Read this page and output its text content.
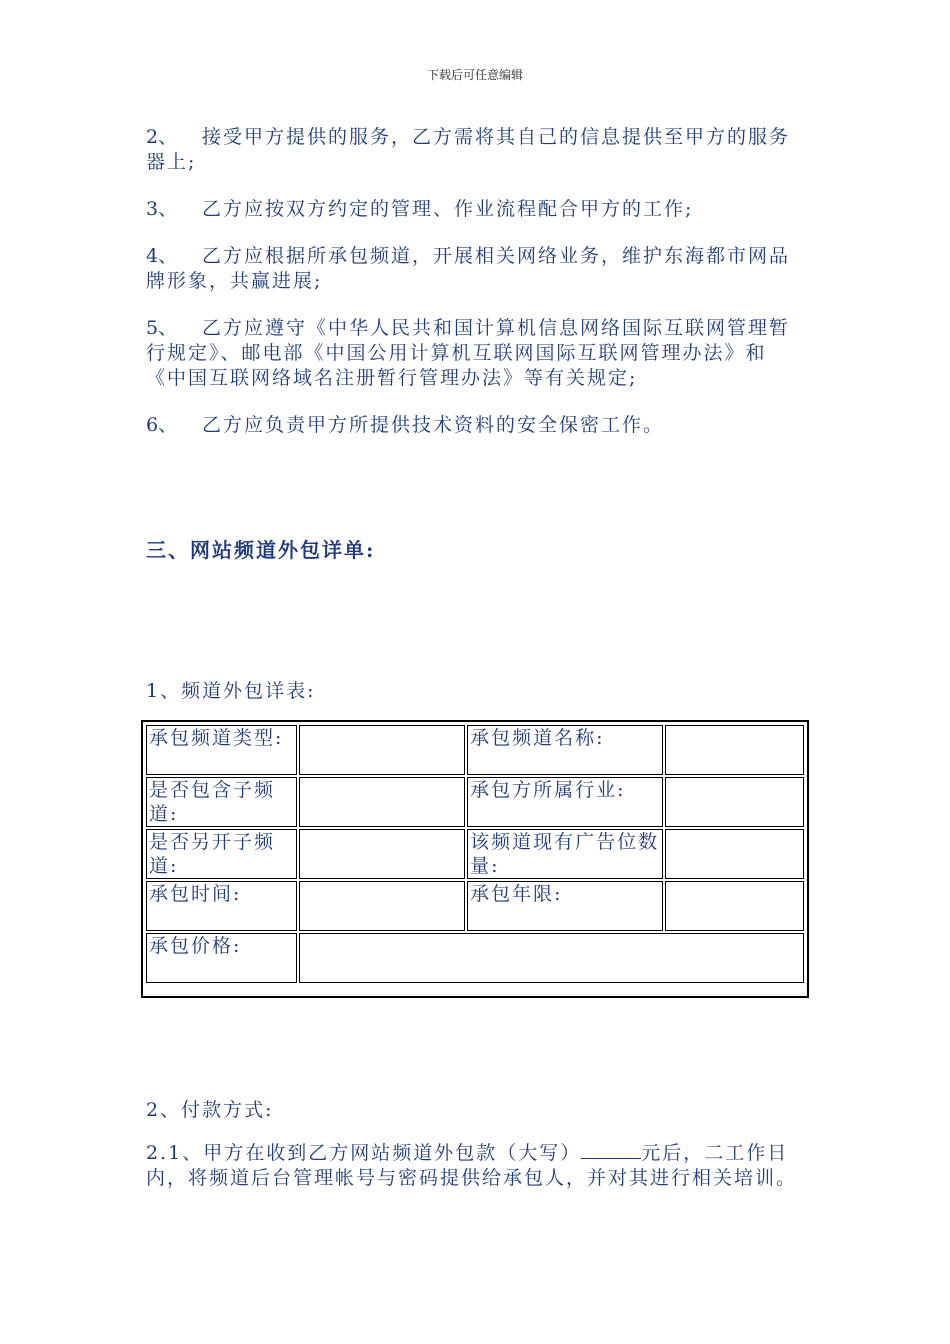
下载后可任意编辑

2、 接受甲方提供的服务，乙方需将其自己的信息提供至甲方的服务器上;

3、 乙方应按双方约定的管理、作业流程配合甲方的工作;

4、 乙方应根据所承包频道，开展相关网络业务，维护东海都市网品牌形象，共赢进展;

5、 乙方应遵守《中华人民共和国计算机信息网络国际互联网管理暂行规定》、邮电部《中国公用计算机互联网国际互联网管理办法》和《中国互联网络域名注册暂行管理办法》等有关规定;

6、 乙方应负责甲方所提供技术资料的安全保密工作。

三、网站频道外包详单:
1、频道外包详表:
承包频道类型:		承包频道名称:	
是否包含子频道:		承包方所属行业:	
是否另开子频道:		该频道现有广告位数量:	
承包时间:		承包年限:	
承包价格:			
2、付款方式:

2.1、甲方在收到乙方网站频道外包款（大写）	元后，二工作日内，将频道后台管理帐号与密码提供给承包人，并对其进行相关培训。
